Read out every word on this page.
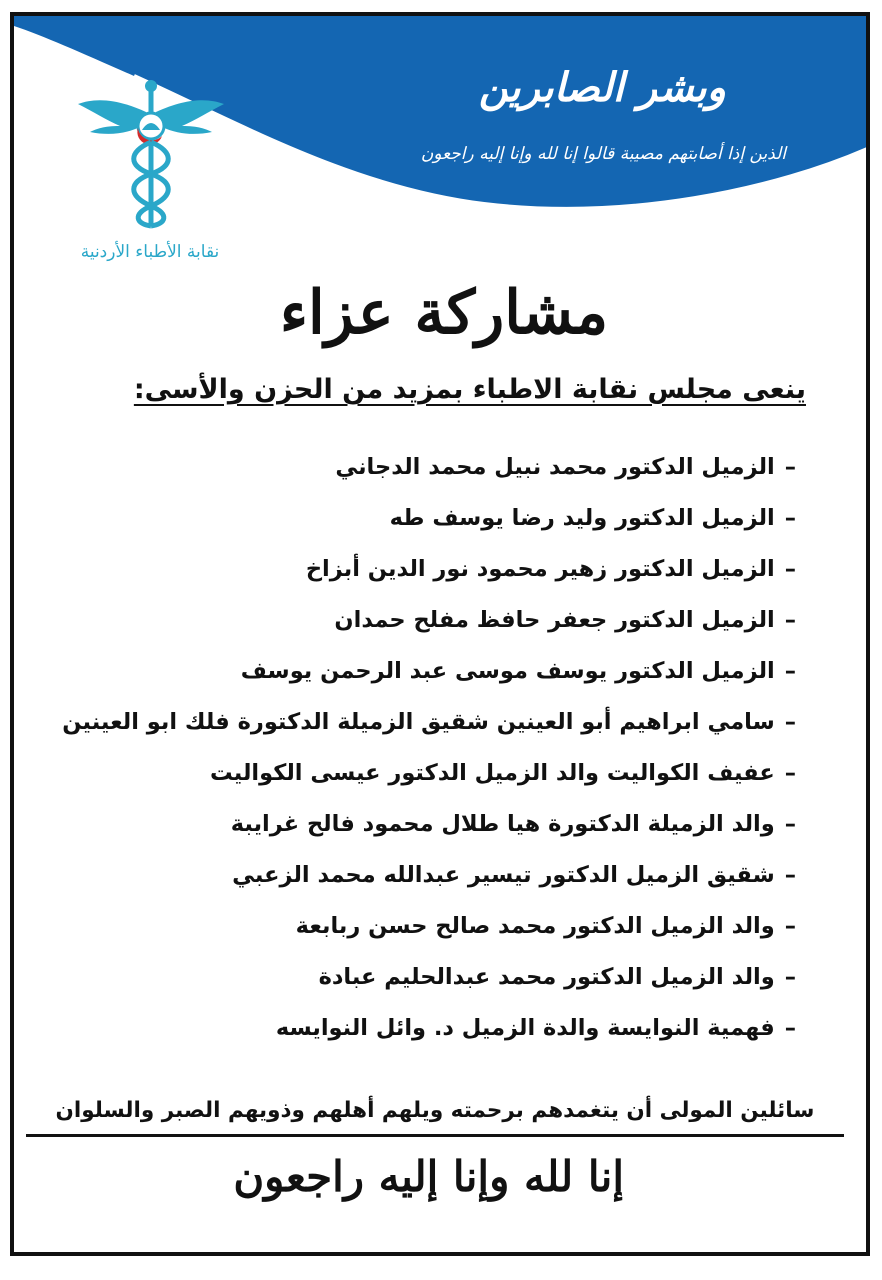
وبشر الصابرين
الذين إذا أصابتهم مصيبة قالوا إنا لله وإنا إليه راجعون
نقابة الأطباء الأردنية
مشاركة عزاء
ينعى مجلس نقابة الاطباء بمزيد من الحزن والأسى:
–الزميل الدكتور محمد نبيل محمد الدجاني
–الزميل الدكتور وليد رضا يوسف طه
–الزميل الدكتور زهير محمود نور الدين أبزاخ
–الزميل الدكتور جعفر حافظ مفلح حمدان
–الزميل الدكتور يوسف موسى عبد الرحمن يوسف
–سامي ابراهيم أبو العينين شقيق الزميلة الدكتورة فلك ابو العينين
–عفيف الكواليت والد الزميل الدكتور عيسى الكواليت
–والد الزميلة الدكتورة هيا طلال محمود فالح غرايبة
–شقيق الزميل الدكتور تيسير عبدالله محمد الزعبي
–والد الزميل الدكتور محمد صالح حسن ربابعة
–والد الزميل الدكتور محمد عبدالحليم عبادة
–فهمية النوايسة والدة الزميل د. وائل النوايسه
سائلين المولى أن يتغمدهم برحمته ويلهم أهلهم وذويهم الصبر والسلوان
إنا لله وإنا إليه راجعون
